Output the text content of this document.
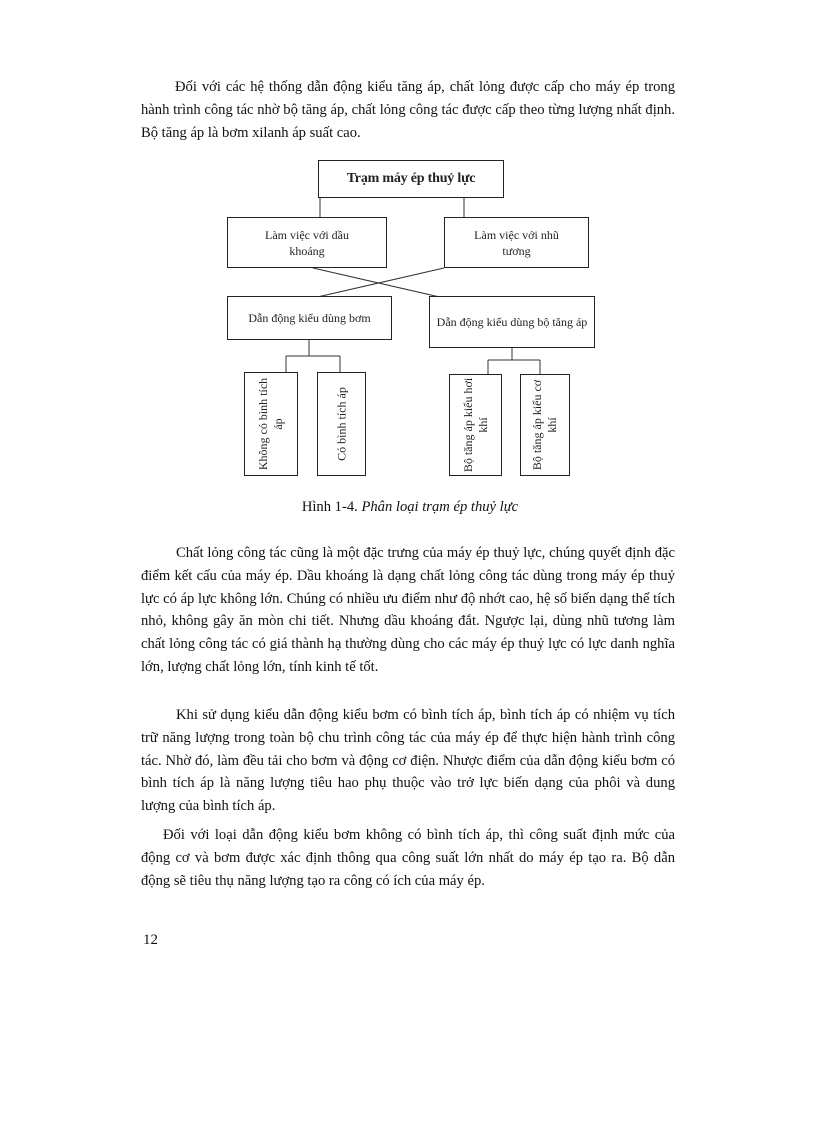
Đối với các hệ thống dẫn động kiểu tăng áp, chất lỏng được cấp cho máy ép trong hành trình công tác nhờ bộ tăng áp, chất lỏng công tác được cấp theo từng lượng nhất định. Bộ tăng áp là bơm xilanh áp suất cao.

Trạm máy ép thuỷ lực
Làm việc với dầu khoáng
Làm việc với nhũ tương
Dẫn động kiểu dùng bơm	Dẫn động kiểu dùng bộ tăng áp
Không có bình tích áp	Có bình tích áp	Bộ tăng áp kiểu hơi khí	Bộ tăng áp kiểu cơ khí
Hình 1-4. Phân loại trạm ép thuỷ lực

Chất lỏng công tác cũng là một đặc trưng của máy ép thuỷ lực, chúng quyết định đặc điểm kết cấu của máy ép. Dầu khoáng là dạng chất lỏng công tác dùng trong máy ép thuỷ lực có áp lực không lớn. Chúng có nhiều ưu điểm như độ nhớt cao, hệ số biến dạng thể tích nhỏ, không gây ăn mòn chi tiết. Nhưng dầu khoáng đắt. Ngược lại, dùng nhũ tương làm chất lỏng công tác có giá thành hạ thường dùng cho các máy ép thuỷ lực có lực danh nghĩa lớn, lượng chất lỏng lớn, tính kinh tế tốt.

Khi sử dụng kiểu dẫn động kiểu bơm có bình tích áp, bình tích áp có nhiệm vụ tích trữ năng lượng trong toàn bộ chu trình công tác của máy ép để thực hiện hành trình công tác. Nhờ đó, làm đều tải cho bơm và động cơ điện. Nhược điểm của dẫn động kiểu bơm có bình tích áp là năng lượng tiêu hao phụ thuộc vào trở lực biến dạng của phôi và dung lượng của bình tích áp.

Đối với loại dẫn động kiểu bơm không có bình tích áp, thì công suất định mức của động cơ và bơm được xác định thông qua công suất lớn nhất do máy ép tạo ra. Bộ dẫn động sẽ tiêu thụ năng lượng tạo ra công có ích của máy ép.

12
